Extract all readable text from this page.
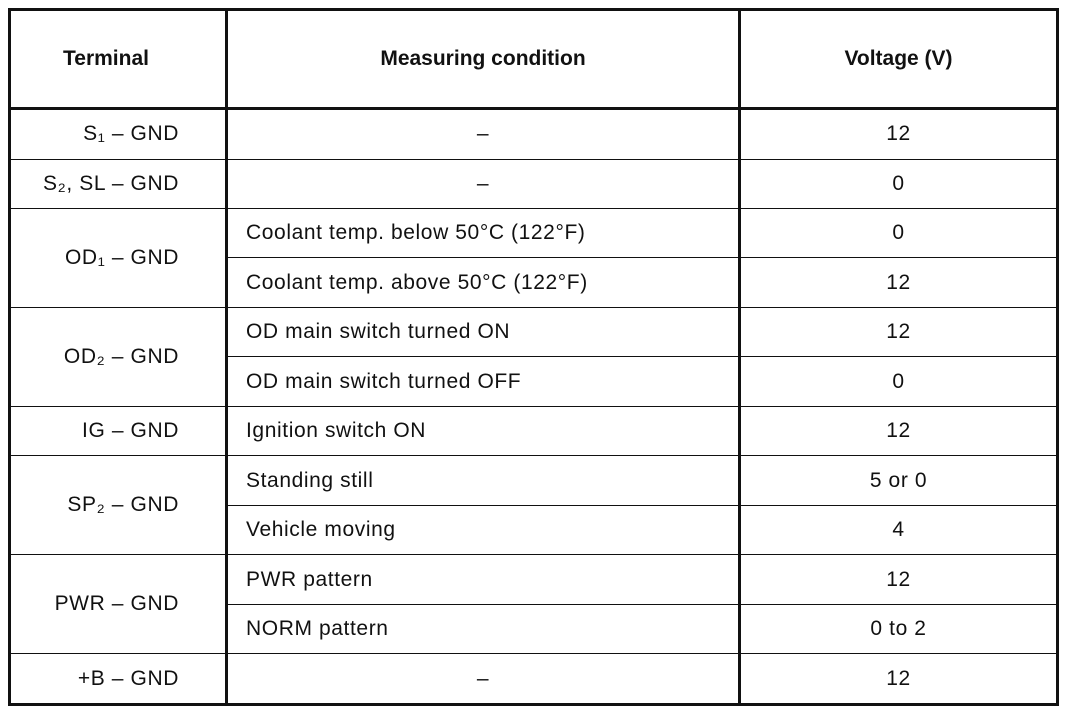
Terminal	Measuring condition	Voltage (V)
S₁ – GND	–	12
S₂, SL – GND	–	0
OD₁ – GND	Coolant temp. below 50°C (122°F)	0
	Coolant temp. above 50°C (122°F)	12
OD₂ – GND	OD main switch turned ON	12
	OD main switch turned OFF	0
IG – GND	Ignition switch ON	12
SP₂ – GND	Standing still	5 or 0
	Vehicle moving	4
PWR – GND	PWR pattern	12
	NORM pattern	0 to 2
+B – GND	–	12
